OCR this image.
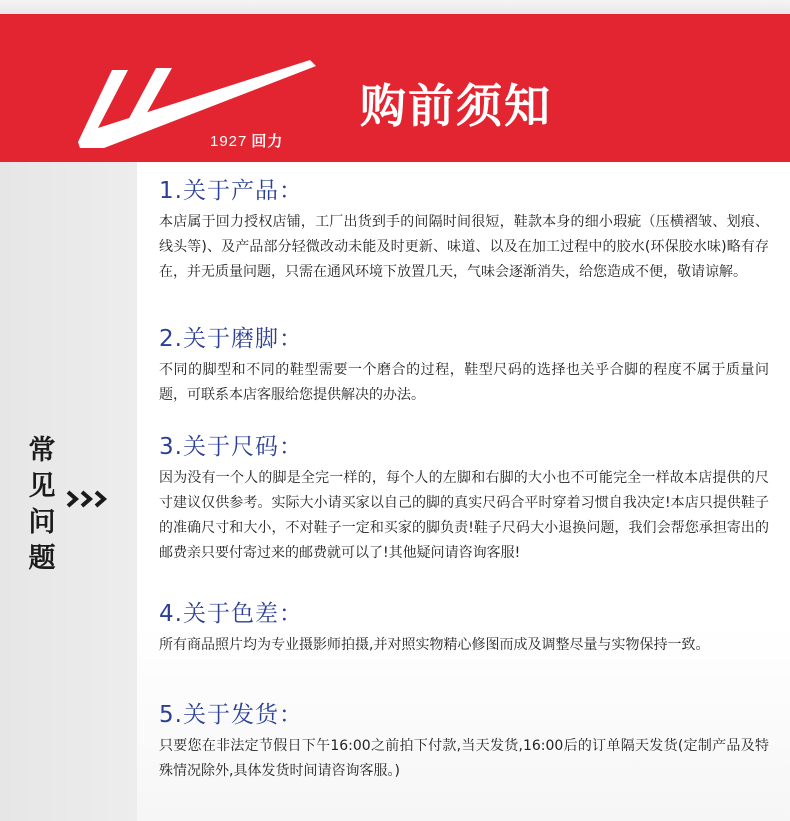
1927 回力
购前须知
常见问题
1.关于产品：

本店属于回力授权店铺，工厂出货到手的间隔时间很短，鞋款本身的细小瑕疵（压横褶皱、划痕、线头等)、及产品部分轻微改动未能及时更新、味道、以及在加工过程中的胶水(环保胶水味)略有存在，并无质量问题，只需在通风环境下放置几天，气味会逐渐消失，给您造成不便，敬请谅解。

2.关于磨脚：

不同的脚型和不同的鞋型需要一个磨合的过程，鞋型尺码的选择也关乎合脚的程度不属于质量问题，可联系本店客服给您提供解决的办法。

3.关于尺码：

因为没有一个人的脚是全完一样的，每个人的左脚和右脚的大小也不可能完全一样故本店提供的尺寸建议仅供参考。实际大小请买家以自己的脚的真实尺码合平时穿着习惯自我决定!本店只提供鞋子的准确尺寸和大小，不对鞋子一定和买家的脚负责!鞋子尺码大小退换问题，我们会帮您承担寄出的邮费亲只要付寄过来的邮费就可以了!其他疑问请咨询客服!

4.关于色差：

所有商品照片均为专业摄影师拍摄,并对照实物精心修图而成及调整尽量与实物保持一致。

5.关于发货：

只要您在非法定节假日下午16:00之前拍下付款,当天发货,16:00后的订单隔天发货(定制产品及特殊情况除外,具体发货时间请咨询客服。)
